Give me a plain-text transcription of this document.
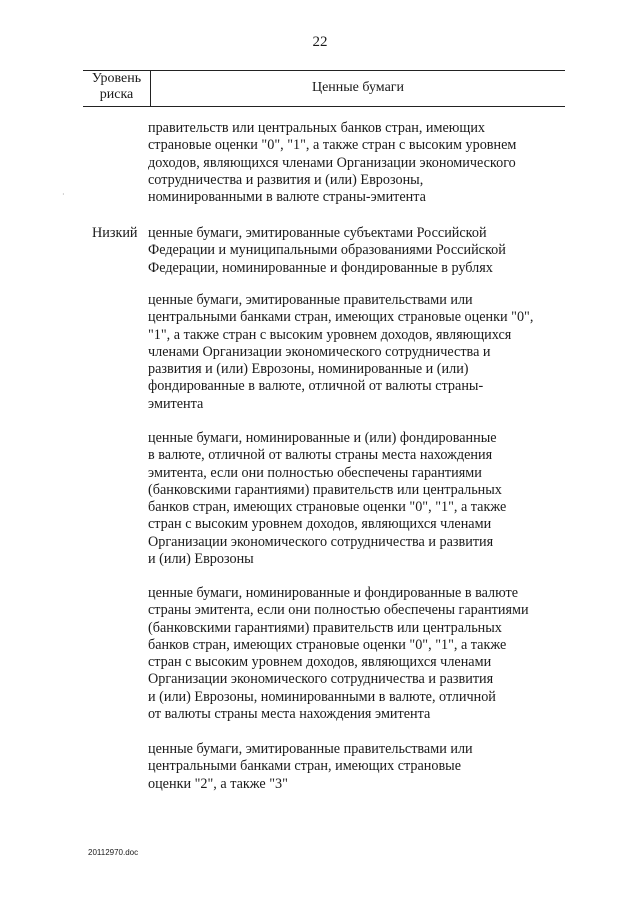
22
Уровень
риска	Ценные бумаги
·
правительств или центральных банков стран, имеющих
страновые оценки "0", "1", а также стран с высоким уровнем
доходов, являющихся членами Организации экономического
сотрудничества и развития и (или) Еврозоны,
номинированными в валюте страны-эмитента
Низкий ценные бумаги, эмитированные субъектами Российской
Федерации и муниципальными образованиями Российской
Федерации, номинированные и фондированные в рублях
ценные бумаги, эмитированные правительствами или
центральными банками стран, имеющих страновые оценки "0",
"1", а также стран с высоким уровнем доходов, являющихся
членами Организации экономического сотрудничества и
развития и (или) Еврозоны, номинированные и (или)
фондированные в валюте, отличной от валюты страны-
эмитента
ценные бумаги, номинированные и (или) фондированные
в валюте, отличной от валюты страны места нахождения
эмитента, если они полностью обеспечены гарантиями
(банковскими гарантиями) правительств или центральных
банков стран, имеющих страновые оценки "0", "1", а также
стран с высоким уровнем доходов, являющихся членами
Организации экономического сотрудничества и развития
и (или) Еврозоны
ценные бумаги, номинированные и фондированные в валюте
страны эмитента, если они полностью обеспечены гарантиями
(банковскими гарантиями) правительств или центральных
банков стран, имеющих страновые оценки "0", "1", а также
стран с высоким уровнем доходов, являющихся членами
Организации экономического сотрудничества и развития
и (или) Еврозоны, номинированными в валюте, отличной
от валюты страны места нахождения эмитента
ценные бумаги, эмитированные правительствами или
центральными банками стран, имеющих страновые
оценки "2", а также "3"
20112970.doc
